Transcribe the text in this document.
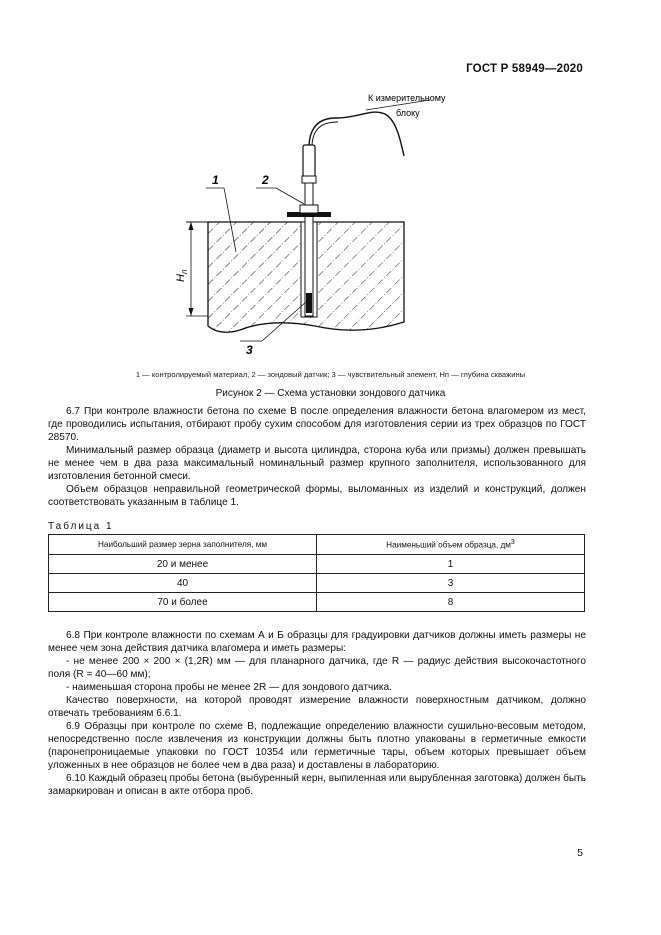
ГОСТ Р 58949—2020
К измерительному
блоку
1	2
3
$H_п$
1 — контролируемый материал, 2 — зондовый датчик; 3 — чувствительный элемент, Hп — глубина скважины
Рисунок 2 — Схема установки зондового датчика

6.7 При контроле влажности бетона по схеме В после определения влажности бетона влагомером из мест, где проводились испытания, отбирают пробу сухим способом для изготовления серии из трех образцов по ГОСТ 28570.

Минимальный размер образца (диаметр и высота цилиндра, сторона куба или призмы) должен превышать не менее чем в два раза максимальный номинальный размер крупного заполнителя, использованного для изготовления бетонной смеси.

Объем образцов неправильной геометрической формы, выломанных из изделий и конструкций, должен соответствовать указанным в таблице 1.

Таблица 1
Наибольший размер зерна заполнителя, мм	Наименьший объем образца, $дм^3$
20 и менее	1
40	3
70 и более	8

6.8 При контроле влажности по схемам А и Б образцы для градуировки датчиков должны иметь размеры не менее чем зона действия датчика влагомера и иметь размеры:

- не менее 200 × 200 × (1,2R) мм — для планарного датчика, где R — радиус действия высокочастотного поля (R = 40—60 мм);

- наименьшая сторона пробы не менее 2R — для зондового датчика.

Качество поверхности, на которой проводят измерение влажности поверхностным датчиком, должно отвечать требованиям 6.6.1.

6.9 Образцы при контроле по схеме В, подлежащие определению влажности сушильно-весовым методом, непосредственно после извлечения из конструкции должны быть плотно упакованы в герметичные емкости (паронепроницаемые упаковки по ГОСТ 10354 или герметичные тары, объем которых превышает объем уложенных в нее образцов не более чем в два раза) и доставлены в лабораторию.

6.10 Каждый образец пробы бетона (выбуренный керн, выпиленная или вырубленная заготовка) должен быть замаркирован и описан в акте отбора проб.

5
